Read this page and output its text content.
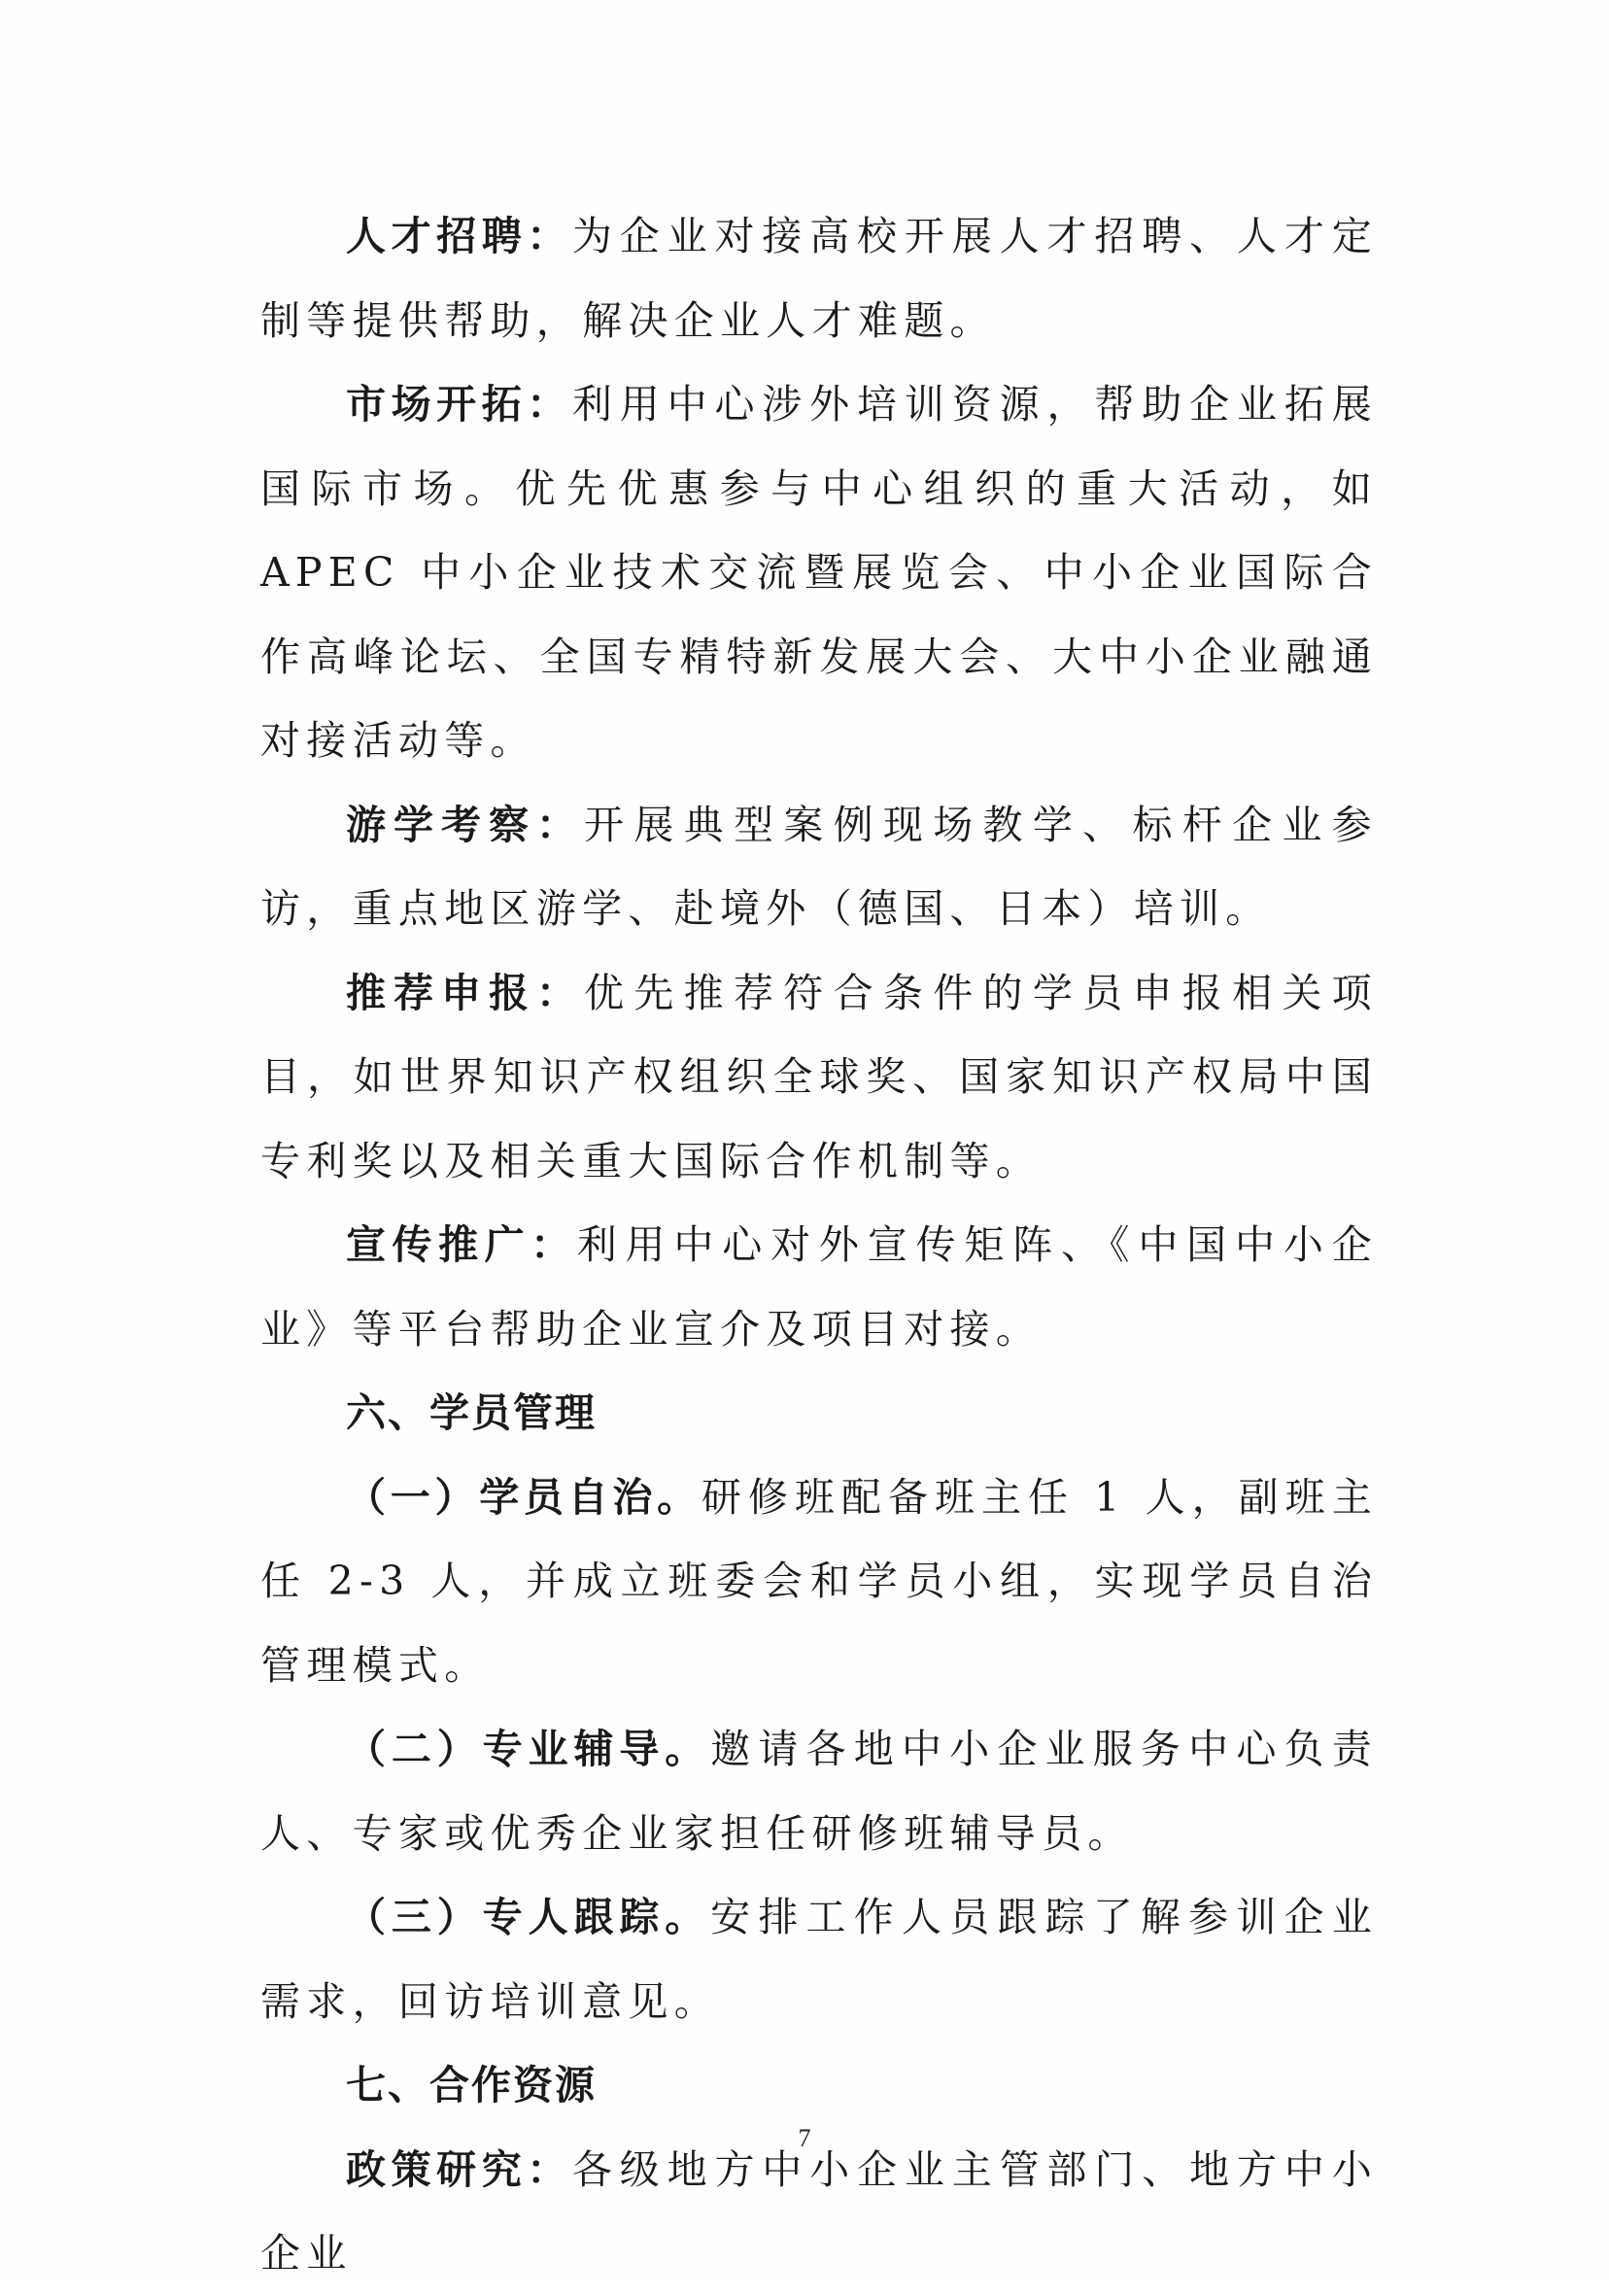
人才招聘：为企业对接高校开展人才招聘、人才定制等提供帮助，解决企业人才难题。

市场开拓：利用中心涉外培训资源，帮助企业拓展国际市场。优先优惠参与中心组织的重大活动，如 APEC 中小企业技术交流暨展览会、中小企业国际合作高峰论坛、全国专精特新发展大会、大中小企业融通对接活动等。

游学考察：开展典型案例现场教学、标杆企业参访，重点地区游学、赴境外（德国、日本）培训。

推荐申报：优先推荐符合条件的学员申报相关项目，如世界知识产权组织全球奖、国家知识产权局中国专利奖以及相关重大国际合作机制等。

宣传推广：利用中心对外宣传矩阵、《中国中小企业》等平台帮助企业宣介及项目对接。

六、学员管理

（一）学员自治。研修班配备班主任 1 人，副班主任 2-3 人，并成立班委会和学员小组，实现学员自治管理模式。

（二）专业辅导。邀请各地中小企业服务中心负责人、专家或优秀企业家担任研修班辅导员。

（三）专人跟踪。安排工作人员跟踪了解参训企业需求，回访培训意见。

七、合作资源

政策研究：各级地方中小企业主管部门、地方中小企业

7
